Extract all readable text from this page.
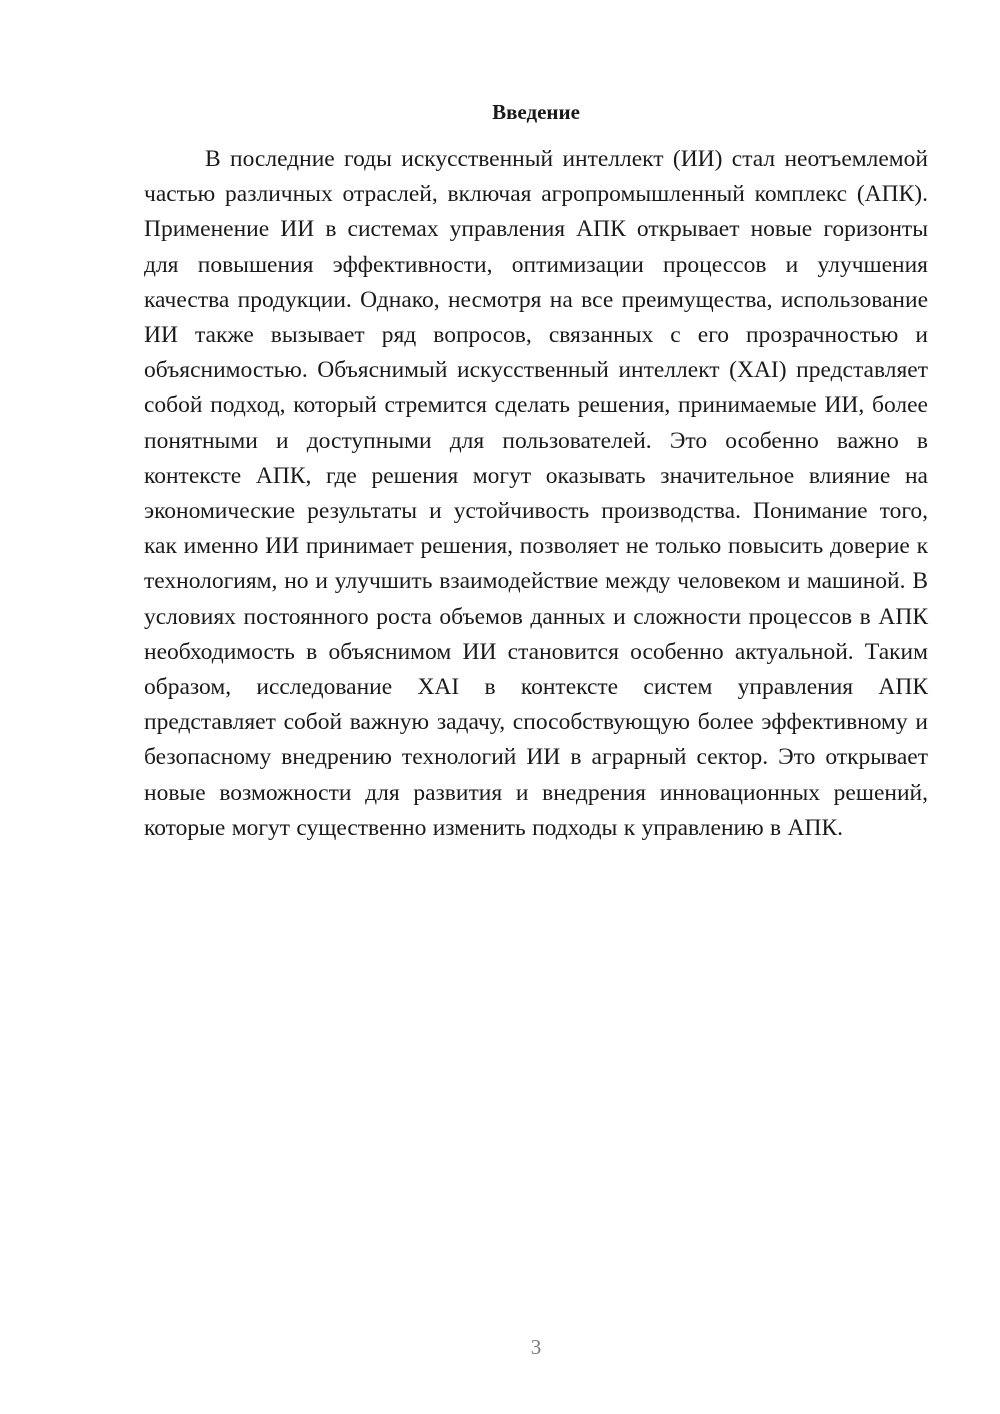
Введение

В последние годы искусственный интеллект (ИИ) стал неотъемлемой частью различных отраслей, включая агропромышленный комплекс (АПК). Применение ИИ в системах управления АПК открывает новые горизонты для повышения эффективности, оптимизации процессов и улучшения качества продукции. Однако, несмотря на все преимущества, использование ИИ также вызывает ряд вопросов, связанных с его прозрачностью и объяснимостью. Объяснимый искусственный интеллект (XAI) представляет собой подход, который стремится сделать решения, принимаемые ИИ, более понятными и доступными для пользователей. Это особенно важно в контексте АПК, где решения могут оказывать значительное влияние на экономические результаты и устойчивость производства. Понимание того, как именно ИИ принимает решения, позволяет не только повысить доверие к технологиям, но и улучшить взаимодействие между человеком и машиной. В условиях постоянного роста объемов данных и сложности процессов в АПК необходимость в объяснимом ИИ становится особенно актуальной. Таким образом, исследование XAI в контексте систем управления АПК представляет собой важную задачу, способствующую более эффективному и безопасному внедрению технологий ИИ в аграрный сектор. Это открывает новые возможности для развития и внедрения инновационных решений, которые могут существенно изменить подходы к управлению в АПК.

3
